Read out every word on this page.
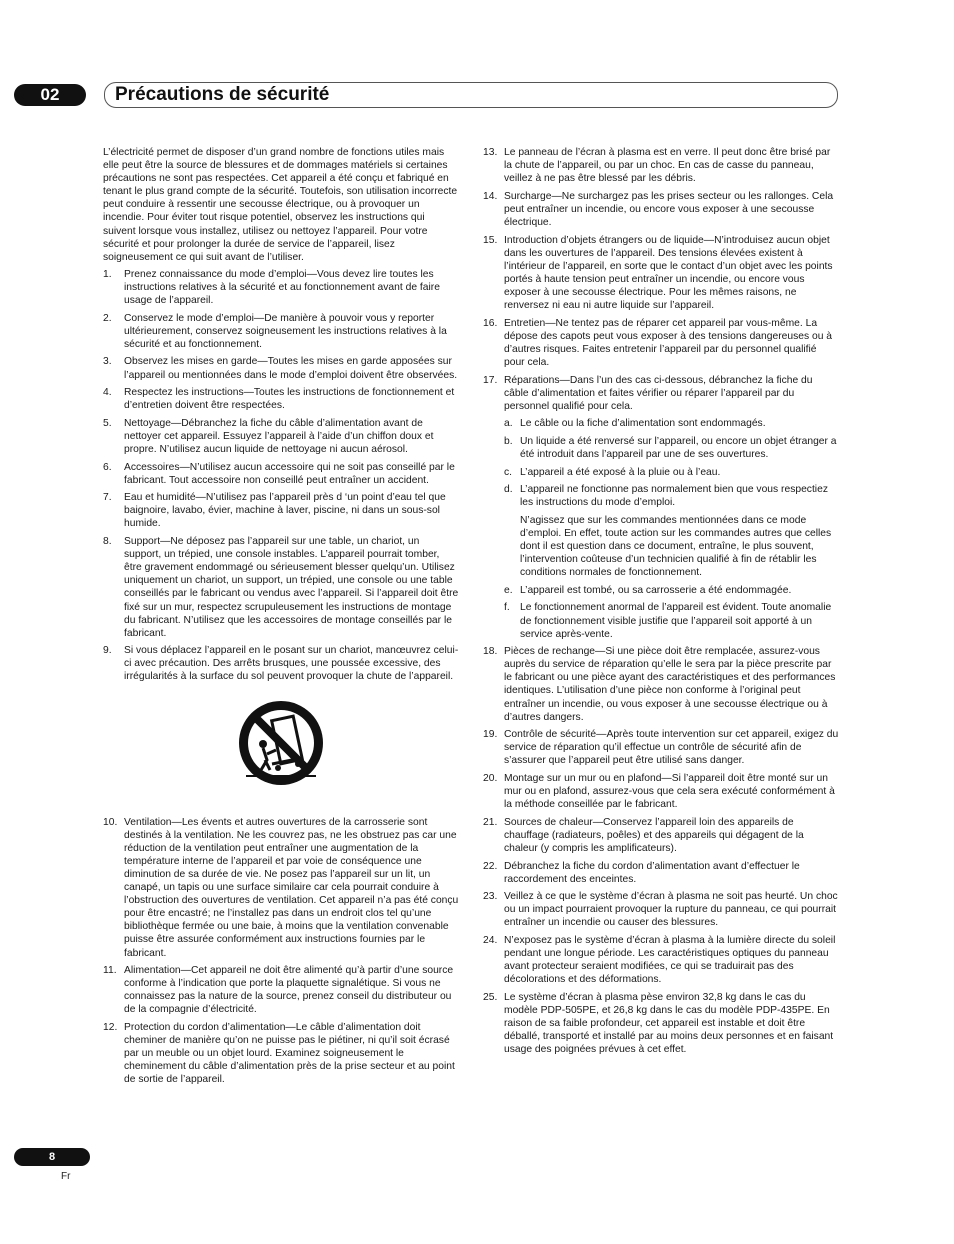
02	Précautions de sécurité

L’électricité permet de disposer d’un grand nombre de fonctions utiles mais elle peut être la source de blessures et de dommages matériels si certaines précautions ne sont pas respectées. Cet appareil a été conçu et fabriqué en tenant le plus grand compte de la sécurité. Toutefois, son utilisation incorrecte peut conduire à ressentir une secousse électrique, ou à provoquer un incendie. Pour éviter tout risque potentiel, observez les instructions qui suivent lorsque vous installez, utilisez ou nettoyez l’appareil. Pour votre sécurité et pour prolonger la durée de service de l’appareil, lisez soigneusement ce qui suit avant de l’utiliser.

1. Prenez connaissance du mode d’emploi—Vous devez lire toutes les instructions relatives à la sécurité et au fonctionnement avant de faire usage de l’appareil.
2. Conservez le mode d’emploi—De manière à pouvoir vous y reporter ultérieurement, conservez soigneusement les instructions relatives à la sécurité et au fonctionnement.
3. Observez les mises en garde—Toutes les mises en garde apposées sur l’appareil ou mentionnées dans le mode d’emploi doivent être observées.
4. Respectez les instructions—Toutes les instructions de fonctionnement et d’entretien doivent être respectées.
5. Nettoyage—Débranchez la fiche du câble d’alimentation avant de nettoyer cet appareil. Essuyez l’appareil à l’aide d’un chiffon doux et propre. N’utilisez aucun liquide de nettoyage ni aucun aérosol.
6. Accessoires—N’utilisez aucun accessoire qui ne soit pas conseillé par le fabricant. Tout accessoire non conseillé peut entraîner un accident.
7. Eau et humidité—N’utilisez pas l’appareil près d ‘un point d’eau tel que baignoire, lavabo, évier, machine à laver, piscine, ni dans un sous-sol humide.
8. Support—Ne déposez pas l’appareil sur une table, un chariot, un support, un trépied, une console instables. L’appareil pourrait tomber, être gravement endommagé ou sérieusement blesser quelqu’un. Utilisez uniquement un chariot, un support, un trépied, une console ou une table conseillés par le fabricant ou vendus avec l’appareil. Si l’appareil doit être fixé sur un mur, respectez scrupuleusement les instructions de montage du fabricant. N’utilisez que les accessoires de montage conseillés par le fabricant.
9. Si vous déplacez l’appareil en le posant sur un chariot, manœuvrez celui-ci avec précaution. Des arrêts brusques, une poussée excessive, des irrégularités à la surface du sol peuvent provoquer la chute de l’appareil.
10. Ventilation—Les évents et autres ouvertures de la carrosserie sont destinés à la ventilation. Ne les couvrez pas, ne les obstruez pas car une réduction de la ventilation peut entraîner une augmentation de la température interne de l’appareil et par voie de conséquence une diminution de sa durée de vie. Ne posez pas l’appareil sur un lit, un canapé, un tapis ou une surface similaire car cela pourrait conduire à l’obstruction des ouvertures de ventilation. Cet appareil n’a pas été conçu pour être encastré; ne l’installez pas dans un endroit clos tel qu’une bibliothèque fermée ou une baie, à moins que la ventilation convenable puisse être assurée conformément aux instructions fournies par le fabricant.
11. Alimentation—Cet appareil ne doit être alimenté qu’à partir d’une source conforme à l’indication que porte la plaquette signalétique. Si vous ne connaissez pas la nature de la source, prenez conseil du distributeur ou de la compagnie d’électricité.
12. Protection du cordon d’alimentation—Le câble d’alimentation doit cheminer de manière qu’on ne puisse pas le piétiner, ni qu’il soit écrasé par un meuble ou un objet lourd. Examinez soigneusement le cheminement du câble d’alimentation près de la prise secteur et au point de sortie de l’appareil.
13. Le panneau de l’écran à plasma est en verre. Il peut donc être brisé par la chute de l’appareil, ou par un choc. En cas de casse du panneau, veillez à ne pas être blessé par les débris.
14. Surcharge—Ne surchargez pas les prises secteur ou les rallonges. Cela peut entraîner un incendie, ou encore vous exposer à une secousse électrique.
15. Introduction d’objets étrangers ou de liquide—N’introduisez aucun objet dans les ouvertures de l’appareil. Des tensions élevées existent à l’intérieur de l’appareil, en sorte que le contact d’un objet avec les points portés à haute tension peut entraîner un incendie, ou encore vous exposer à une secousse électrique. Pour les mêmes raisons, ne renversez ni eau ni autre liquide sur l’appareil.
16. Entretien—Ne tentez pas de réparer cet appareil par vous-même. La dépose des capots peut vous exposer à des tensions dangereuses ou à d’autres risques. Faites entretenir l’appareil par du personnel qualifié pour cela.
17. Réparations—Dans l’un des cas ci-dessous, débranchez la fiche du câble d’alimentation et faites vérifier ou réparer l’appareil par du personnel qualifié pour cela.
a. Le câble ou la fiche d’alimentation sont endommagés.
b. Un liquide a été renversé sur l’appareil, ou encore un objet étranger a été introduit dans l’appareil par une de ses ouvertures.
c. L’appareil a été exposé à la pluie ou à l’eau.
d. L’appareil ne fonctionne pas normalement bien que vous respectiez les instructions du mode d’emploi.
N’agissez que sur les commandes mentionnées dans ce mode d’emploi. En effet, toute action sur les commandes autres que celles dont il est question dans ce document, entraîne, le plus souvent, l’intervention coûteuse d’un technicien qualifié à fin de rétablir les conditions normales de fonctionnement.
e. L’appareil est tombé, ou sa carrosserie a été endommagée.
f. Le fonctionnement anormal de l’appareil est évident. Toute anomalie de fonctionnement visible justifie que l’appareil soit apporté à un service après-vente.
18. Pièces de rechange—Si une pièce doit être remplacée, assurez-vous auprès du service de réparation qu’elle le sera par la pièce prescrite par le fabricant ou une pièce ayant des caractéristiques et des performances identiques. L’utilisation d’une pièce non conforme à l’original peut entraîner un incendie, ou vous exposer à une secousse électrique ou à d’autres dangers.
19. Contrôle de sécurité—Après toute intervention sur cet appareil, exigez du service de réparation qu’il effectue un contrôle de sécurité afin de s’assurer que l’appareil peut être utilisé sans danger.
20. Montage sur un mur ou en plafond—Si l’appareil doit être monté sur un mur ou en plafond, assurez-vous que cela sera exécuté conformément à la méthode conseillée par le fabricant.
21. Sources de chaleur—Conservez l’appareil loin des appareils de chauffage (radiateurs, poêles) et des appareils qui dégagent de la chaleur (y compris les amplificateurs).
22. Débranchez la fiche du cordon d’alimentation avant d’effectuer le raccordement des enceintes.
23. Veillez à ce que le système d’écran à plasma ne soit pas heurté. Un choc ou un impact pourraient provoquer la rupture du panneau, ce qui pourrait entraîner un incendie ou causer des blessures.
24. N’exposez pas le système d’écran à plasma à la lumière directe du soleil pendant une longue période. Les caractéristiques optiques du panneau avant protecteur seraient modifiées, ce qui se traduirait pas des décolorations et des déformations.
25. Le système d’écran à plasma pèse environ 32,8 kg dans le cas du modèle PDP-505PE, et 26,8 kg dans le cas du modèle PDP-435PE. En raison de sa faible profondeur, cet appareil est instable et doit être déballé, transporté et installé par au moins deux personnes et en faisant usage des poignées prévues à cet effet.
8
Fr
